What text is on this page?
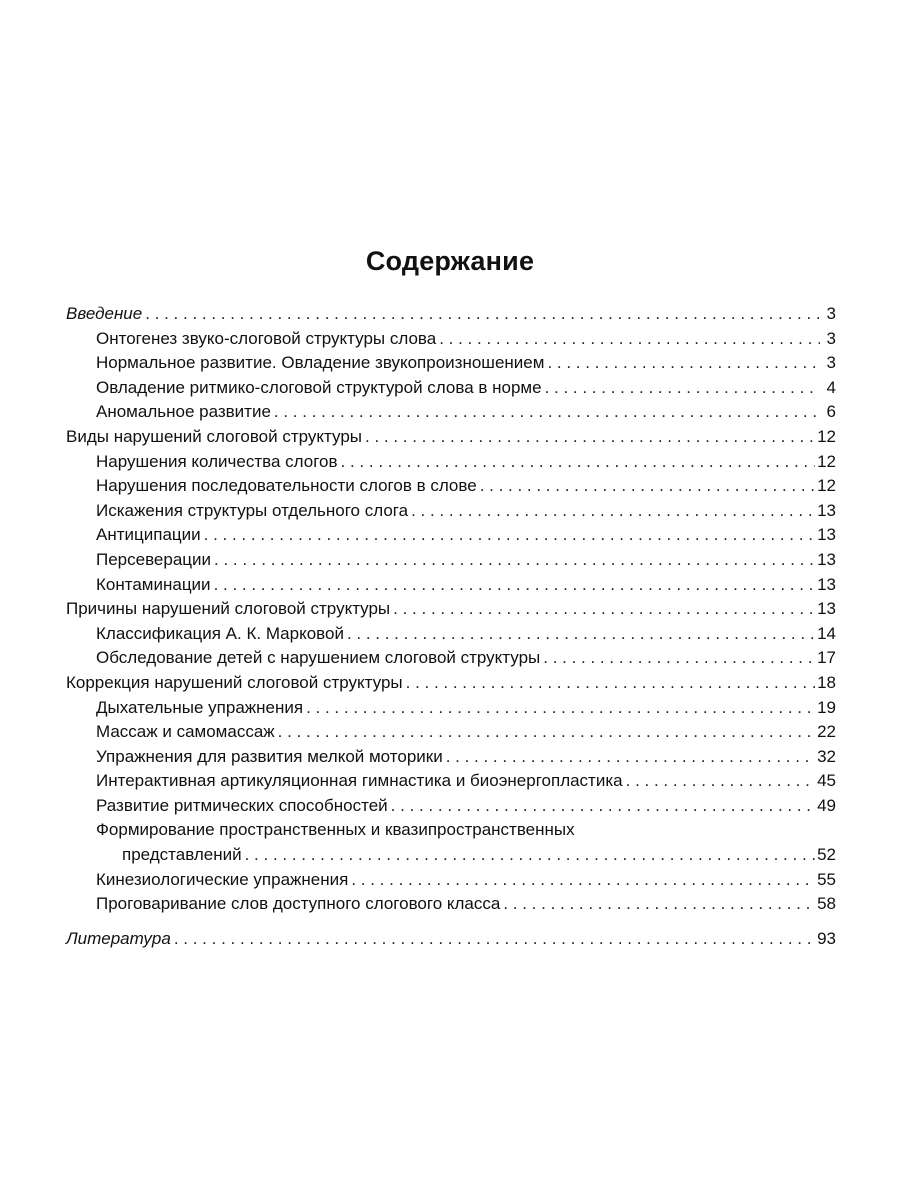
Содержание
Введение . . .	3
Онтогенез звуко-слоговой структуры слова . . .	3
Нормальное развитие. Овладение звукопроизношением . . .	3
Овладение ритмико-слоговой структурой слова в норме . . .	4
Аномальное развитие . . .	6
Виды нарушений слоговой структуры . . .	12
Нарушения количества слогов . . .	12
Нарушения последовательности слогов в слове . . .	12
Искажения структуры отдельного слога . . .	13
Антиципации . . .	13
Персеверации . . .	13
Контаминации . . .	13
Причины нарушений слоговой структуры . . .	13
Классификация А. К. Марковой . . .	14
Обследование детей с нарушением слоговой структуры . . .	17
Коррекция нарушений слоговой структуры . . .	18
Дыхательные упражнения . . .	19
Массаж и самомассаж . . .	22
Упражнения для развития мелкой моторики . . .	32
Интерактивная артикуляционная гимнастика и биоэнергопластика . . .	45
Развитие ритмических способностей . . .	49
Формирование пространственных и квазипространственных
представлений . . .	52
Кинезиологические упражнения . . .	55
Проговаривание слов доступного слогового класса . . .	58
Литература . . .	93
